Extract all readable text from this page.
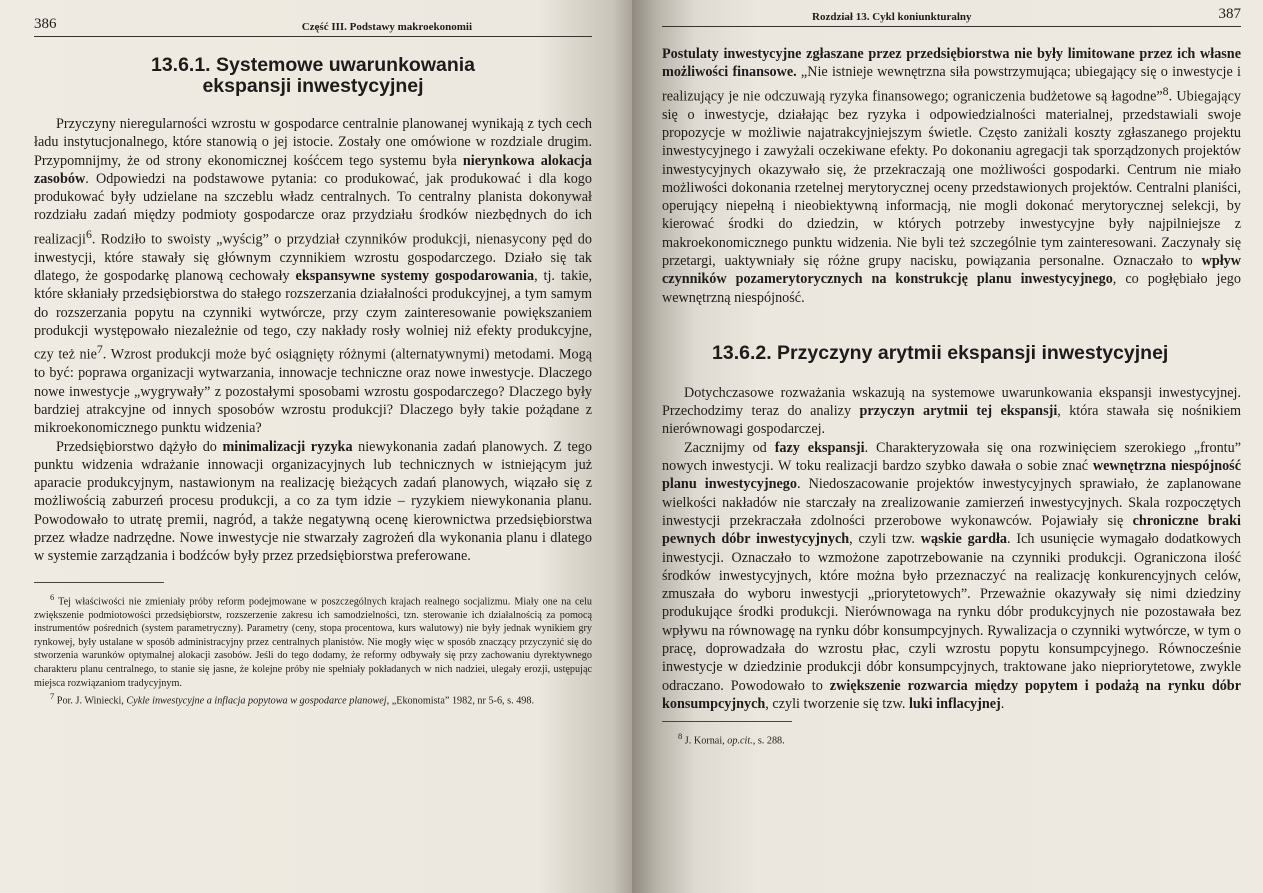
386	Część III. Podstawy makroekonomii
13.6.1. Systemowe uwarunkowania
ekspansji inwestycyjnej

Przyczyny nieregularności wzrostu w gospodarce centralnie planowanej wynikają z tych cech ładu instytucjonalnego, które stanowią o jej istocie. Zostały one omówione w rozdziale drugim. Przypomnijmy, że od strony ekonomicznej kośćcem tego systemu była nierynkowa alokacja zasobów. Odpowiedzi na podstawowe pytania: co produkować, jak produkować i dla kogo produkować były udzielane na szczeblu władz centralnych. To centralny planista dokonywał rozdziału zadań między podmioty gospodarcze oraz przydziału środków niezbędnych do ich realizacji$^6$. Rodziło to swoisty „wyścig” o przydział czynników produkcji, nienasycony pęd do inwestycji, które stawały się głównym czynnikiem wzrostu gospodarczego. Działo się tak dlatego, że gospodarkę planową cechowały ekspansywne systemy gospodarowania, tj. takie, które skłaniały przedsiębiorstwa do stałego rozszerzania działalności produkcyjnej, a tym samym do rozszerzania popytu na czynniki wytwórcze, przy czym zainteresowanie powiększaniem produkcji występowało niezależnie od tego, czy nakłady rosły wolniej niż efekty produkcyjne, czy też nie$^7$. Wzrost produkcji może być osiągnięty różnymi (alternatywnymi) metodami. Mogą to być: poprawa organizacji wytwarzania, innowacje techniczne oraz nowe inwestycje. Dlaczego nowe inwestycje „wygrywały” z pozostałymi sposobami wzrostu gospodarczego? Dlaczego były bardziej atrakcyjne od innych sposobów wzrostu produkcji? Dlaczego były takie pożądane z mikroekonomicznego punktu widzenia?

Przedsiębiorstwo dążyło do minimalizacji ryzyka niewykonania zadań planowych. Z tego punktu widzenia wdrażanie innowacji organizacyjnych lub technicznych w istniejącym już aparacie produkcyjnym, nastawionym na realizację bieżących zadań planowych, wiązało się z możliwością zaburzeń procesu produkcji, a co za tym idzie – ryzykiem niewykonania planu. Powodowało to utratę premii, nagród, a także negatywną ocenę kierownictwa przedsiębiorstwa przez władze nadrzędne. Nowe inwestycje nie stwarzały zagrożeń dla wykonania planu i dlatego w systemie zarządzania i bodźców były przez przedsiębiorstwa preferowane.

$^6$ Tej właściwości nie zmieniały próby reform podejmowane w poszczególnych krajach realnego socjalizmu. Miały one na celu zwiększenie podmiotowości przedsiębiorstw, rozszerzenie zakresu ich samodzielności, tzn. sterowanie ich działalnością za pomocą instrumentów pośrednich (system parametryczny). Parametry (ceny, stopa procentowa, kurs walutowy) nie były jednak wynikiem gry rynkowej, były ustalane w sposób administracyjny przez centralnych planistów. Nie mogły więc w sposób znaczący przyczynić się do stworzenia warunków optymalnej alokacji zasobów. Jeśli do tego dodamy, że reformy odbywały się przy zachowaniu dyrektywnego charakteru planu centralnego, to stanie się jasne, że kolejne próby nie spełniały pokładanych w nich nadziei, ulegały erozji, ustępując miejsca rozwiązaniom tradycyjnym.

$^7$ Por. J. Winiecki, Cykle inwestycyjne a inflacja popytowa w gospodarce planowej, „Ekonomista” 1982, nr 5-6, s. 498.

Rozdział 13. Cykl koniunkturalny	387

Postulaty inwestycyjne zgłaszane przez przedsiębiorstwa nie były limitowane przez ich własne możliwości finansowe. „Nie istnieje wewnętrzna siła powstrzymująca; ubiegający się o inwestycje i realizujący je nie odczuwają ryzyka finansowego; ograniczenia budżetowe są łagodne”$^8$. Ubiegający się o inwestycje, działając bez ryzyka i odpowiedzialności materialnej, przedstawiali swoje propozycje w możliwie najatrakcyjniejszym świetle. Często zaniżali koszty zgłaszanego projektu inwestycyjnego i zawyżali oczekiwane efekty. Po dokonaniu agregacji tak sporządzonych projektów inwestycyjnych okazywało się, że przekraczają one możliwości gospodarki. Centrum nie miało możliwości dokonania rzetelnej merytorycznej oceny przedstawionych projektów. Centralni planiści, operujący niepełną i nieobiektywną informacją, nie mogli dokonać merytorycznej selekcji, by kierować środki do dziedzin, w których potrzeby inwestycyjne były najpilniejsze z makroekonomicznego punktu widzenia. Nie byli też szczególnie tym zainteresowani. Zaczynały się przetargi, uaktywniały się różne grupy nacisku, powiązania personalne. Oznaczało to wpływ czynników pozamerytorycznych na konstrukcję planu inwestycyjnego, co pogłębiało jego wewnętrzną niespójność.

13.6.2. Przyczyny arytmii ekspansji inwestycyjnej

Dotychczasowe rozważania wskazują na systemowe uwarunkowania ekspansji inwestycyjnej. Przechodzimy teraz do analizy przyczyn arytmii tej ekspansji, która stawała się nośnikiem nierównowagi gospodarczej.

Zacznijmy od fazy ekspansji. Charakteryzowała się ona rozwinięciem szerokiego „frontu” nowych inwestycji. W toku realizacji bardzo szybko dawała o sobie znać wewnętrzna niespójność planu inwestycyjnego. Niedoszacowanie projektów inwestycyjnych sprawiało, że zaplanowane wielkości nakładów nie starczały na zrealizowanie zamierzeń inwestycyjnych. Skala rozpoczętych inwestycji przekraczała zdolności przerobowe wykonawców. Pojawiały się chroniczne braki pewnych dóbr inwestycyjnych, czyli tzw. wąskie gardła. Ich usunięcie wymagało dodatkowych inwestycji. Oznaczało to wzmożone zapotrzebowanie na czynniki produkcji. Ograniczona ilość środków inwestycyjnych, które można było przeznaczyć na realizację konkurencyjnych celów, zmuszała do wyboru inwestycji „priorytetowych”. Przeważnie okazywały się nimi dziedziny produkujące środki produkcji. Nierównowaga na rynku dóbr produkcyjnych nie pozostawała bez wpływu na równowagę na rynku dóbr konsumpcyjnych. Rywalizacja o czynniki wytwórcze, w tym o pracę, doprowadzała do wzrostu płac, czyli wzrostu popytu konsumpcyjnego. Równocześnie inwestycje w dziedzinie produkcji dóbr konsumpcyjnych, traktowane jako niepriorytetowe, zwykle odraczano. Powodowało to zwiększenie rozwarcia między popytem i podażą na rynku dóbr konsumpcyjnych, czyli tworzenie się tzw. luki inflacyjnej.

$^8$ J. Kornai, op.cit., s. 288.
